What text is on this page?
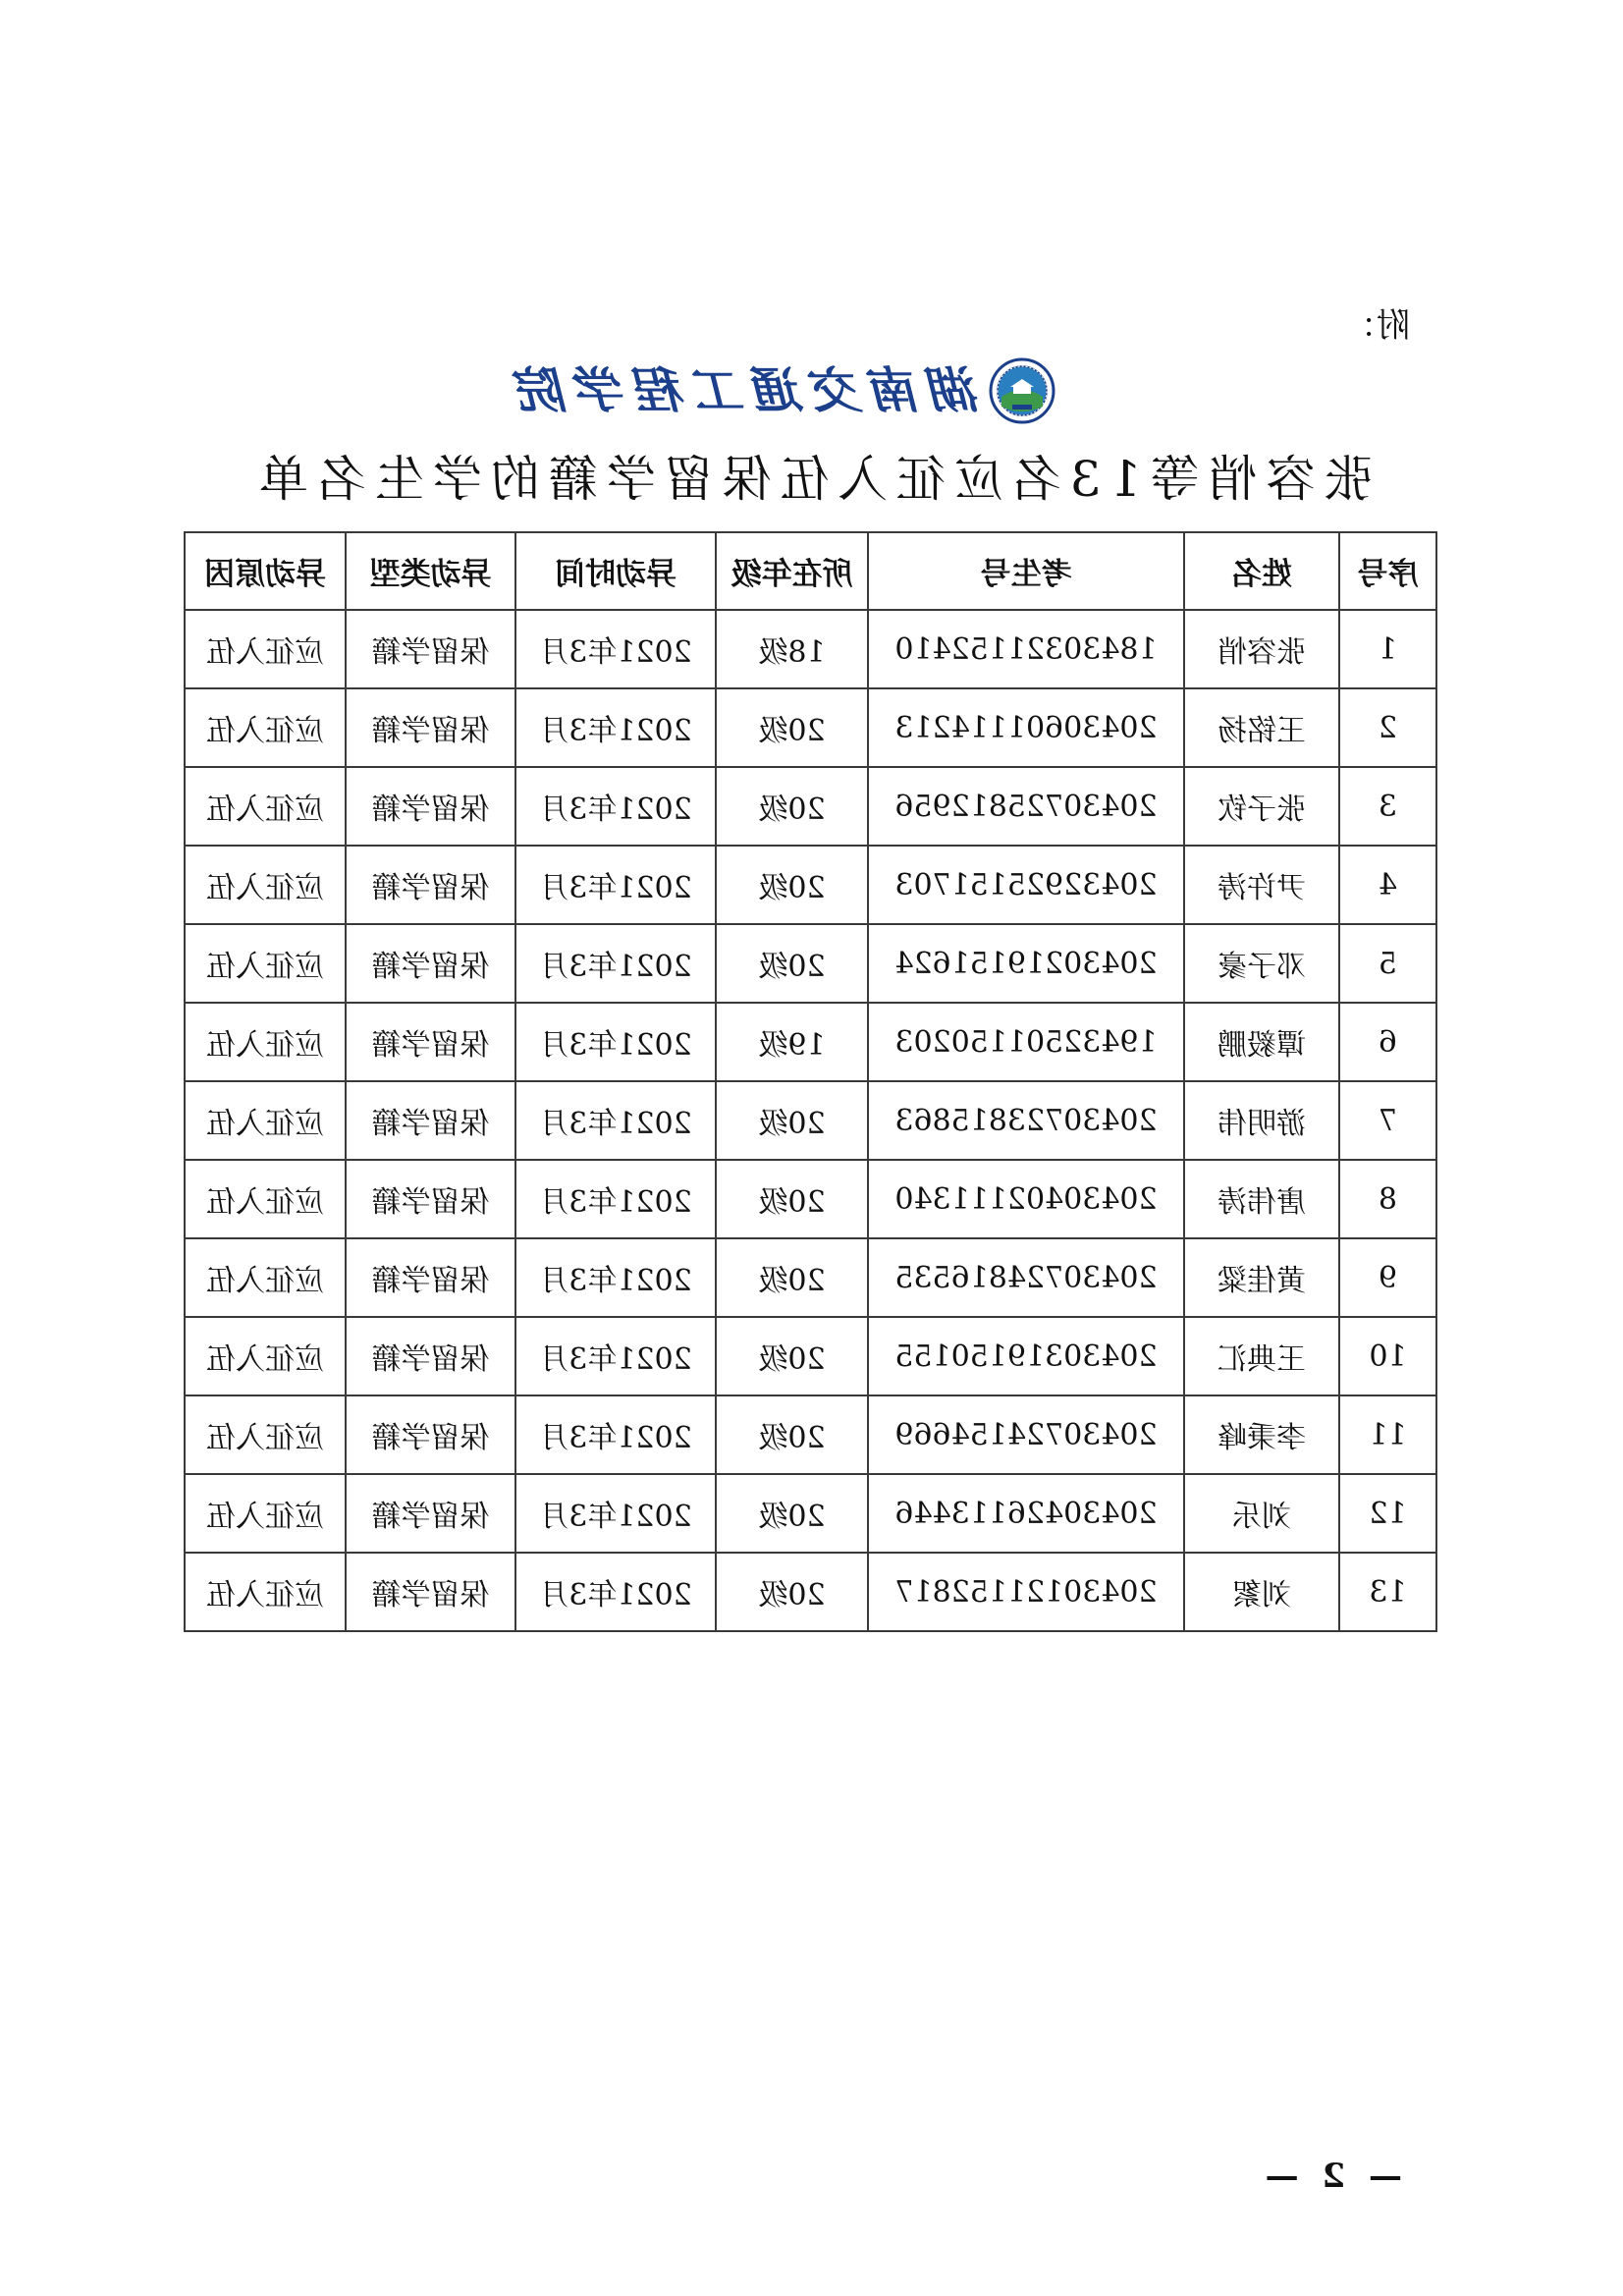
附：
湖南交通工程学院
张容悄等13名应征入伍保留学籍的学生名单
序号	姓名	考生号	所在年级	异动时间	异动类型	异动原因
1	张容悄	18430321152410	18级	2021年3月	保留学籍	应征入伍
2	王铭扬	20430601114213	20级	2021年3月	保留学籍	应征入伍
3	张子钦	20430725812956	20级	2021年3月	保留学籍	应征入伍
4	尹许涛	20432925151703	20级	2021年3月	保留学籍	应征入伍
5	邓子豪	20430219151624	20级	2021年3月	保留学籍	应征入伍
6	谭毅鹏	19432501150203	19级	2021年3月	保留学籍	应征入伍
7	游明伟	20430723815863	20级	2021年3月	保留学籍	应征入伍
8	唐伟涛	20430402111340	20级	2021年3月	保留学籍	应征入伍
9	黄佳粱	20430724816535	20级	2021年3月	保留学籍	应征入伍
10	王典汇	20430319150155	20级	2021年3月	保留学籍	应征入伍
11	李秉峰	20430724154669	20级	2021年3月	保留学籍	应征入伍
12	刘乐	20430426113446	20级	2021年3月	保留学籍	应征入伍
13	刘絮	20430121152817	20级	2021年3月	保留学籍	应征入伍
— 2 —
